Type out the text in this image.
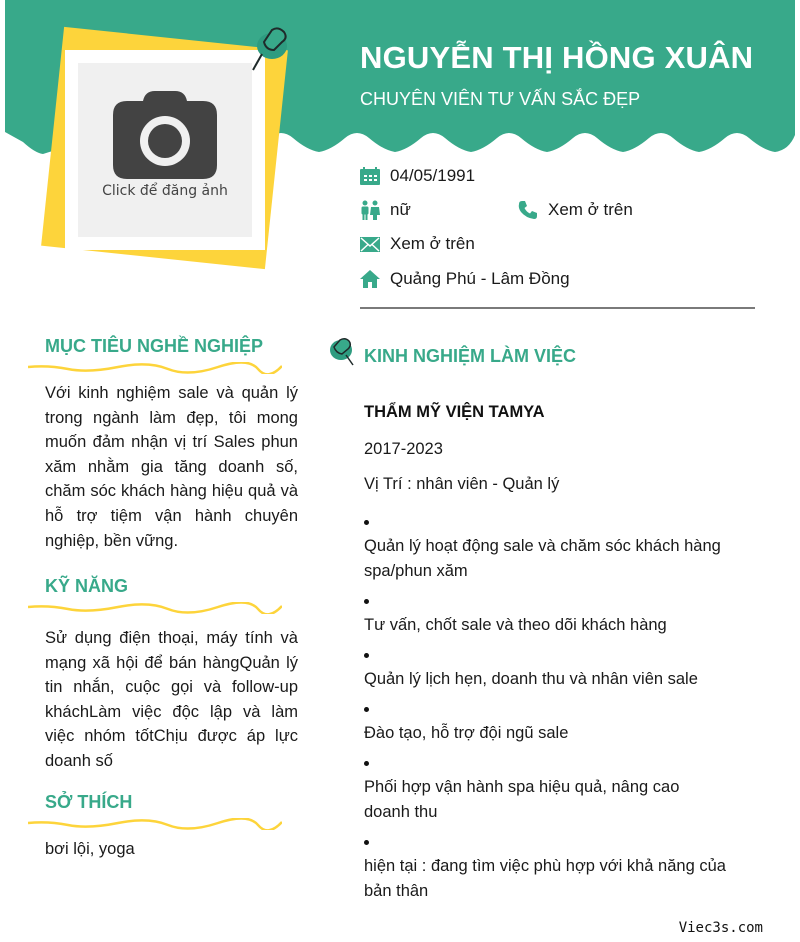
Click để đăng ảnh
NGUYỄN THỊ HỒNG XUÂN
CHUYÊN VIÊN TƯ VẤN SẮC ĐẸP
04/05/1991
nữ	Xem ở trên
Xem ở trên
Quảng Phú - Lâm Đồng
MỤC TIÊU NGHỀ NGHIỆP
Với kinh nghiệm sale và quản lý trong ngành làm đẹp, tôi mong muốn đảm nhận vị trí Sales phun xăm nhằm gia tăng doanh số, chăm sóc khách hàng hiệu quả và hỗ trợ tiệm vận hành chuyên nghiệp, bền vững.
KỸ NĂNG
Sử dụng điện thoại, máy tính và mạng xã hội để bán hàngQuản lý tin nhắn, cuộc gọi và follow-up kháchLàm việc độc lập và làm việc nhóm tốtChịu được áp lực doanh số
SỞ THÍCH
bơi lội, yoga
KINH NGHIỆM LÀM VIỆC
THẨM MỸ VIỆN TAMYA
2017-2023
Vị Trí : nhân viên - Quản lý
Quản lý hoạt động sale và chăm sóc khách hàng spa/phun xăm
Tư vấn, chốt sale và theo dõi khách hàng
Quản lý lịch hẹn, doanh thu và nhân viên sale
Đào tạo, hỗ trợ đội ngũ sale
Phối hợp vận hành spa hiệu quả, nâng cao doanh thu
hiện tại : đang tìm việc phù hợp với khả năng của bản thân
Viec3s.com
